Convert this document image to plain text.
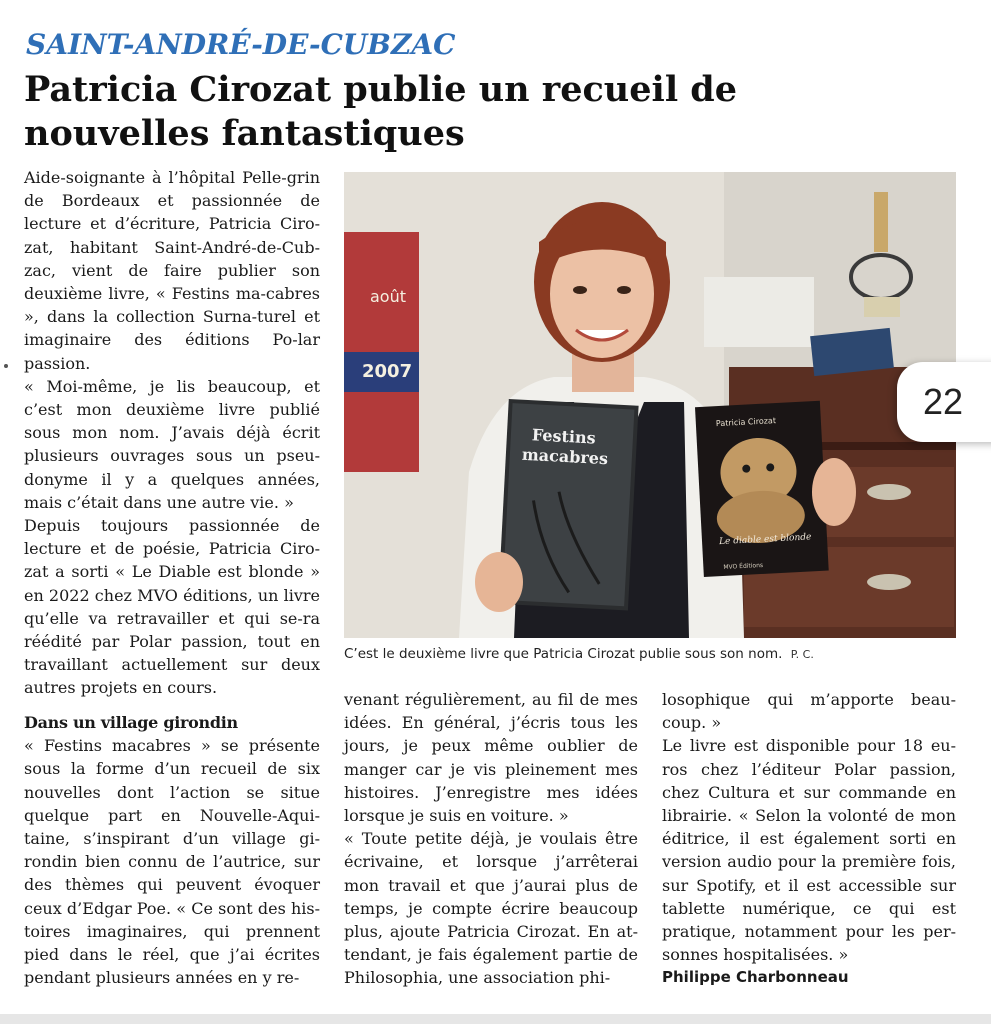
SAINT-ANDRÉ-DE-CUBZAC
Patricia Cirozat publie un recueil de nouvelles fantastiques

Aide-soignante à l’hôpital Pelle-grin de Bordeaux et passionnée de lecture et d’écriture, Patricia Ciro-zat, habitant Saint-André-de-Cub-zac, vient de faire publier son deuxième livre, « Festins ma-cabres », dans la collection Surna-turel et imaginaire des éditions Po-lar passion.

« Moi-même, je lis beaucoup, et c’est mon deuxième livre publié sous mon nom. J’avais déjà écrit plusieurs ouvrages sous un pseu-donyme il y a quelques années, mais c’était dans une autre vie. »

Depuis toujours passionnée de lecture et de poésie, Patricia Ciro-zat a sorti « Le Diable est blonde » en 2022 chez MVO éditions, un livre qu’elle va retravailler et qui se-ra réédité par Polar passion, tout en travaillant actuellement sur deux autres projets en cours.

Dans un village girondin

« Festins macabres » se présente sous la forme d’un recueil de six nouvelles dont l’action se situe quelque part en Nouvelle-Aqui-taine, s’inspirant d’un village gi-rondin bien connu de l’autrice, sur des thèmes qui peuvent évoquer ceux d’Edgar Poe. « Ce sont des his-toires imaginaires, qui prennent pied dans le réel, que j’ai écrites pendant plusieurs années en y re-

venant régulièrement, au fil de mes idées. En général, j’écris tous les jours, je peux même oublier de manger car je vis pleinement mes histoires. J’enregistre mes idées lorsque je suis en voiture. »

« Toute petite déjà, je voulais être écrivaine, et lorsque j’arrêterai mon travail et que j’aurai plus de temps, je compte écrire beaucoup plus, ajoute Patricia Cirozat. En at-tendant, je fais également partie de Philosophia, une association phi-

losophique qui m’apporte beau-coup. »

Le livre est disponible pour 18 eu-ros chez l’éditeur Polar passion, chez Cultura et sur commande en librairie. « Selon la volonté de mon éditrice, il est également sorti en version audio pour la première fois, sur Spotify, et il est accessible sur tablette numérique, ce qui est pratique, notamment pour les per-sonnes hospitalisées. »

Philippe Charbonneau

août
2007
Festins
macabres
Patricia Cirozat
Le diable est blonde
MVO Éditions
C’est le deuxième livre que Patricia Cirozat publie sous son nom. P. C.
22
